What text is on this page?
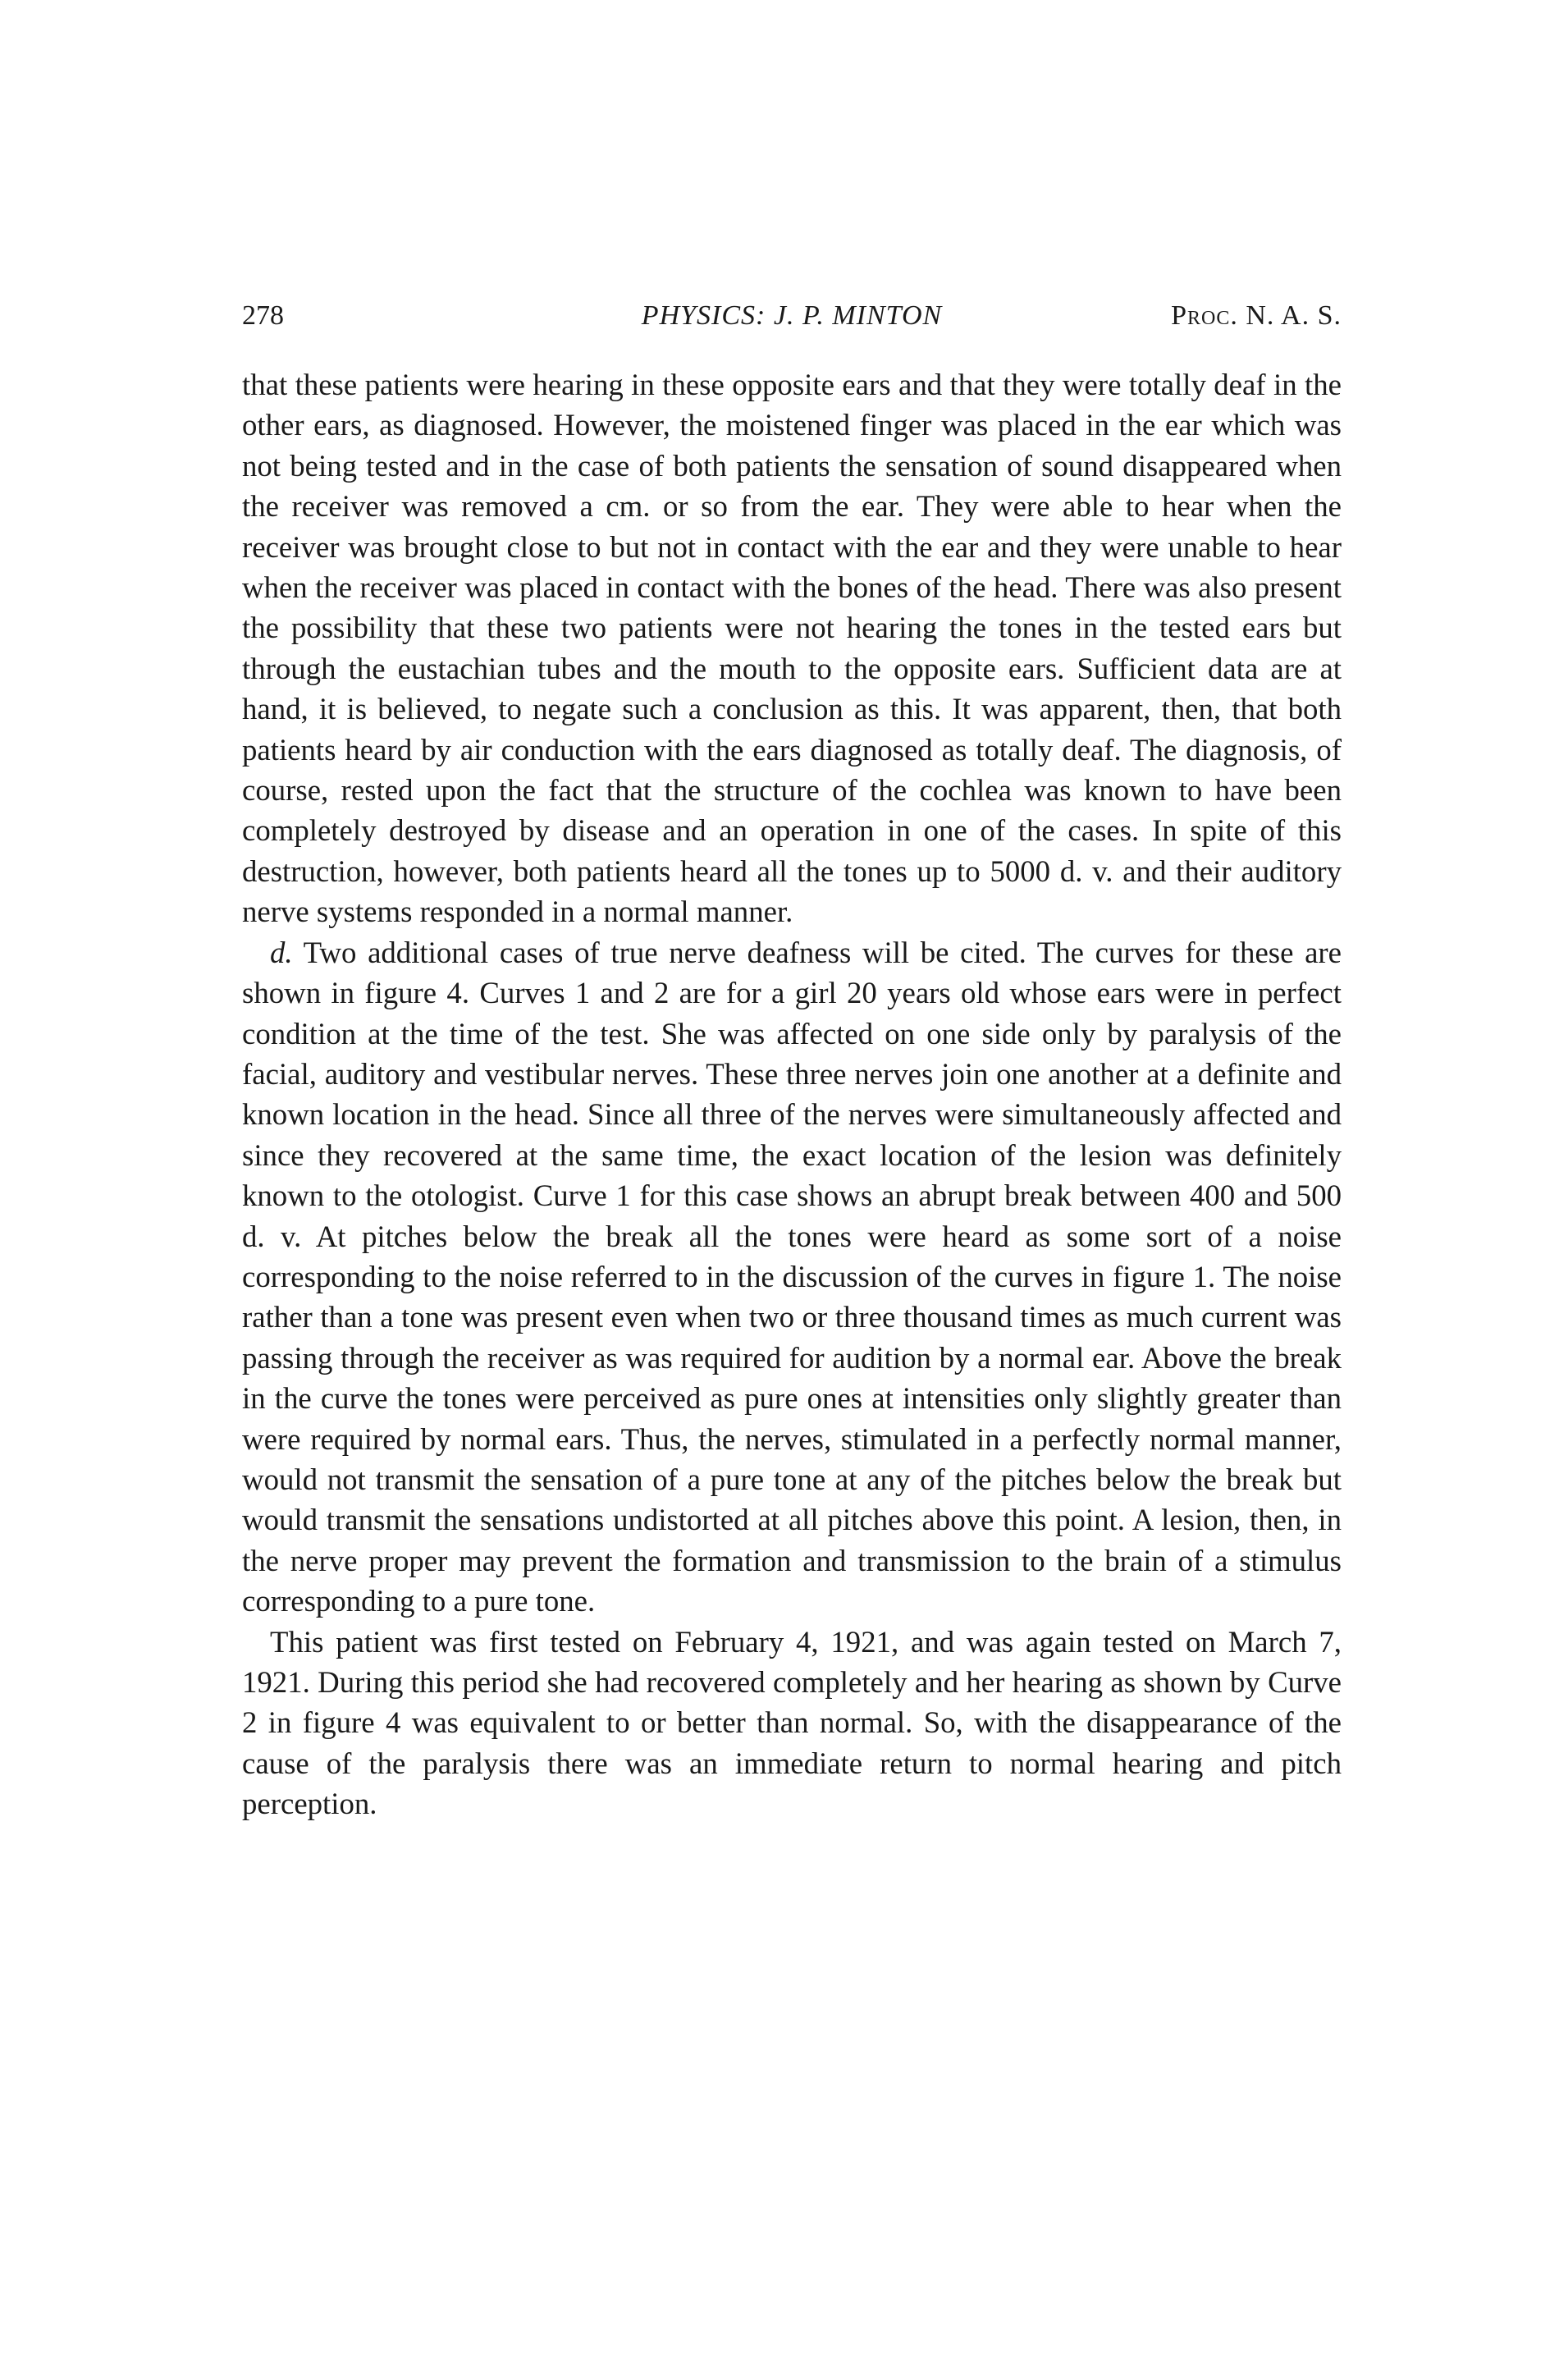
278	PHYSICS: J. P. MINTON	Proc. N. A. S.

that these patients were hearing in these opposite ears and that they were totally deaf in the other ears, as diagnosed. However, the moistened finger was placed in the ear which was not being tested and in the case of both patients the sensation of sound disappeared when the receiver was removed a cm. or so from the ear. They were able to hear when the receiver was brought close to but not in contact with the ear and they were unable to hear when the receiver was placed in contact with the bones of the head. There was also present the possibility that these two patients were not hearing the tones in the tested ears but through the eustachian tubes and the mouth to the opposite ears. Sufficient data are at hand, it is believed, to negate such a conclusion as this. It was apparent, then, that both patients heard by air conduction with the ears diagnosed as totally deaf. The diagnosis, of course, rested upon the fact that the structure of the cochlea was known to have been completely destroyed by disease and an operation in one of the cases. In spite of this destruction, however, both patients heard all the tones up to 5000 d. v. and their auditory nerve systems responded in a normal manner.

d. Two additional cases of true nerve deafness will be cited. The curves for these are shown in figure 4. Curves 1 and 2 are for a girl 20 years old whose ears were in perfect condition at the time of the test. She was affected on one side only by paralysis of the facial, auditory and vestibular nerves. These three nerves join one another at a definite and known location in the head. Since all three of the nerves were simultaneously affected and since they recovered at the same time, the exact location of the lesion was definitely known to the otologist. Curve 1 for this case shows an abrupt break between 400 and 500 d. v. At pitches below the break all the tones were heard as some sort of a noise corresponding to the noise referred to in the discussion of the curves in figure 1. The noise rather than a tone was present even when two or three thousand times as much current was passing through the receiver as was required for audition by a normal ear. Above the break in the curve the tones were perceived as pure ones at intensities only slightly greater than were required by normal ears. Thus, the nerves, stimulated in a perfectly normal manner, would not transmit the sensation of a pure tone at any of the pitches below the break but would transmit the sensations undistorted at all pitches above this point. A lesion, then, in the nerve proper may prevent the formation and transmission to the brain of a stimulus corresponding to a pure tone.

This patient was first tested on February 4, 1921, and was again tested on March 7, 1921. During this period she had recovered completely and her hearing as shown by Curve 2 in figure 4 was equivalent to or better than normal. So, with the disappearance of the cause of the paralysis there was an immediate return to normal hearing and pitch perception.
